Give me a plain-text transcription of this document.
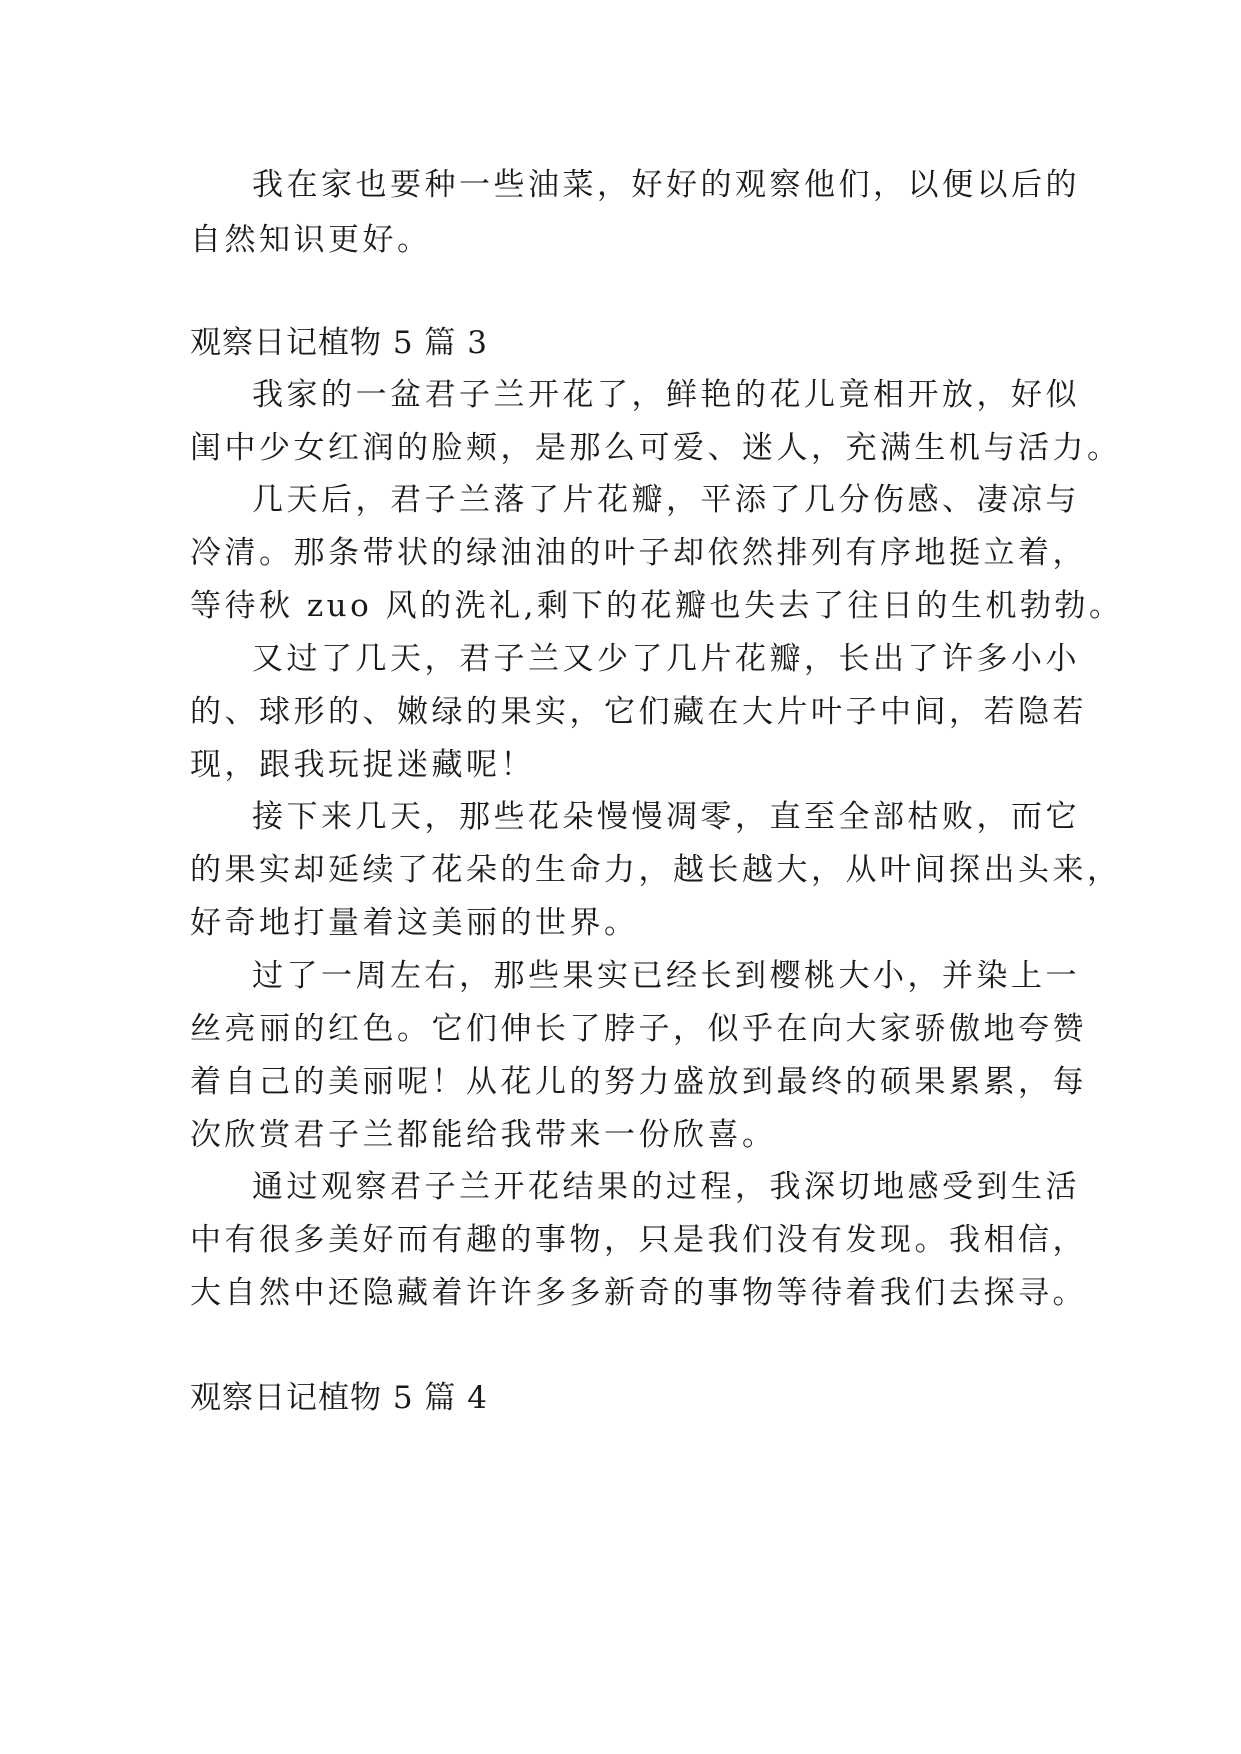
我在家也要种一些油菜，好好的观察他们，以便以后的
自然知识更好。
观察日记植物 5 篇 3
我家的一盆君子兰开花了，鲜艳的花儿竟相开放，好似
闺中少女红润的脸颊，是那么可爱、迷人，充满生机与活力。
几天后，君子兰落了片花瓣，平添了几分伤感、凄凉与
冷清。那条带状的绿油油的叶子却依然排列有序地挺立着，
等待秋 zuo 风的洗礼,剩下的花瓣也失去了往日的生机勃勃。
又过了几天，君子兰又少了几片花瓣，长出了许多小小
的、球形的、嫩绿的果实，它们藏在大片叶子中间，若隐若
现，跟我玩捉迷藏呢！
接下来几天，那些花朵慢慢凋零，直至全部枯败，而它
的果实却延续了花朵的生命力，越长越大，从叶间探出头来，
好奇地打量着这美丽的世界。
过了一周左右，那些果实已经长到樱桃大小，并染上一
丝亮丽的红色。它们伸长了脖子，似乎在向大家骄傲地夸赞
着自己的美丽呢！从花儿的努力盛放到最终的硕果累累，每
次欣赏君子兰都能给我带来一份欣喜。
通过观察君子兰开花结果的过程，我深切地感受到生活
中有很多美好而有趣的事物，只是我们没有发现。我相信，
大自然中还隐藏着许许多多新奇的事物等待着我们去探寻。
观察日记植物 5 篇 4
